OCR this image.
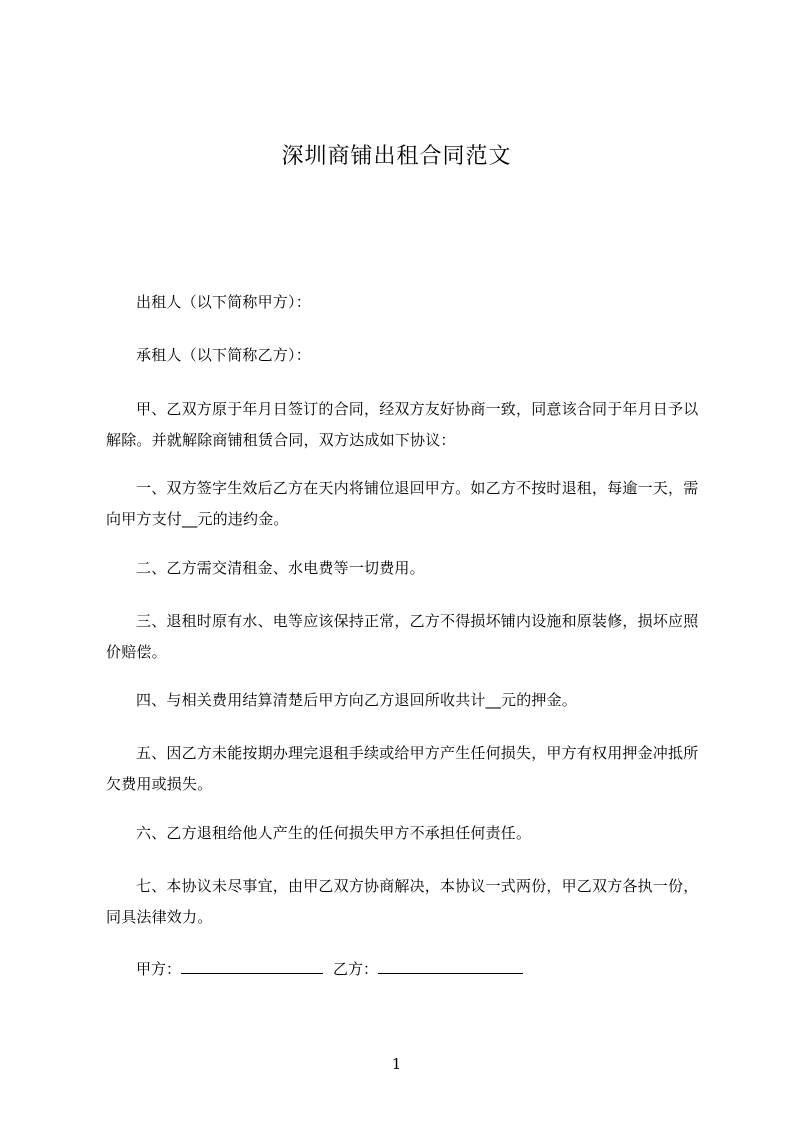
深圳商铺出租合同范文
出租人（以下简称甲方）：
承租人（以下简称乙方）：
甲、乙双方原于年月日签订的合同，经双方友好协商一致，同意该合同于年月日予以解除。并就解除商铺租赁合同，双方达成如下协议：
一、双方签字生效后乙方在天内将铺位退回甲方。如乙方不按时退租，每逾一天，需向甲方支付__元的违约金。
二、乙方需交清租金、水电费等一切费用。
三、退租时原有水、电等应该保持正常，乙方不得损坏铺内设施和原装修，损坏应照价赔偿。
四、与相关费用结算清楚后甲方向乙方退回所收共计__元的押金。
五、因乙方未能按期办理完退租手续或给甲方产生任何损失，甲方有权用押金冲抵所欠费用或损失。
六、乙方退租给他人产生的任何损失甲方不承担任何责任。
七、本协议未尽事宜，由甲乙双方协商解决，本协议一式两份，甲乙双方各执一份，同具法律效力。
甲方：	乙方：
1
